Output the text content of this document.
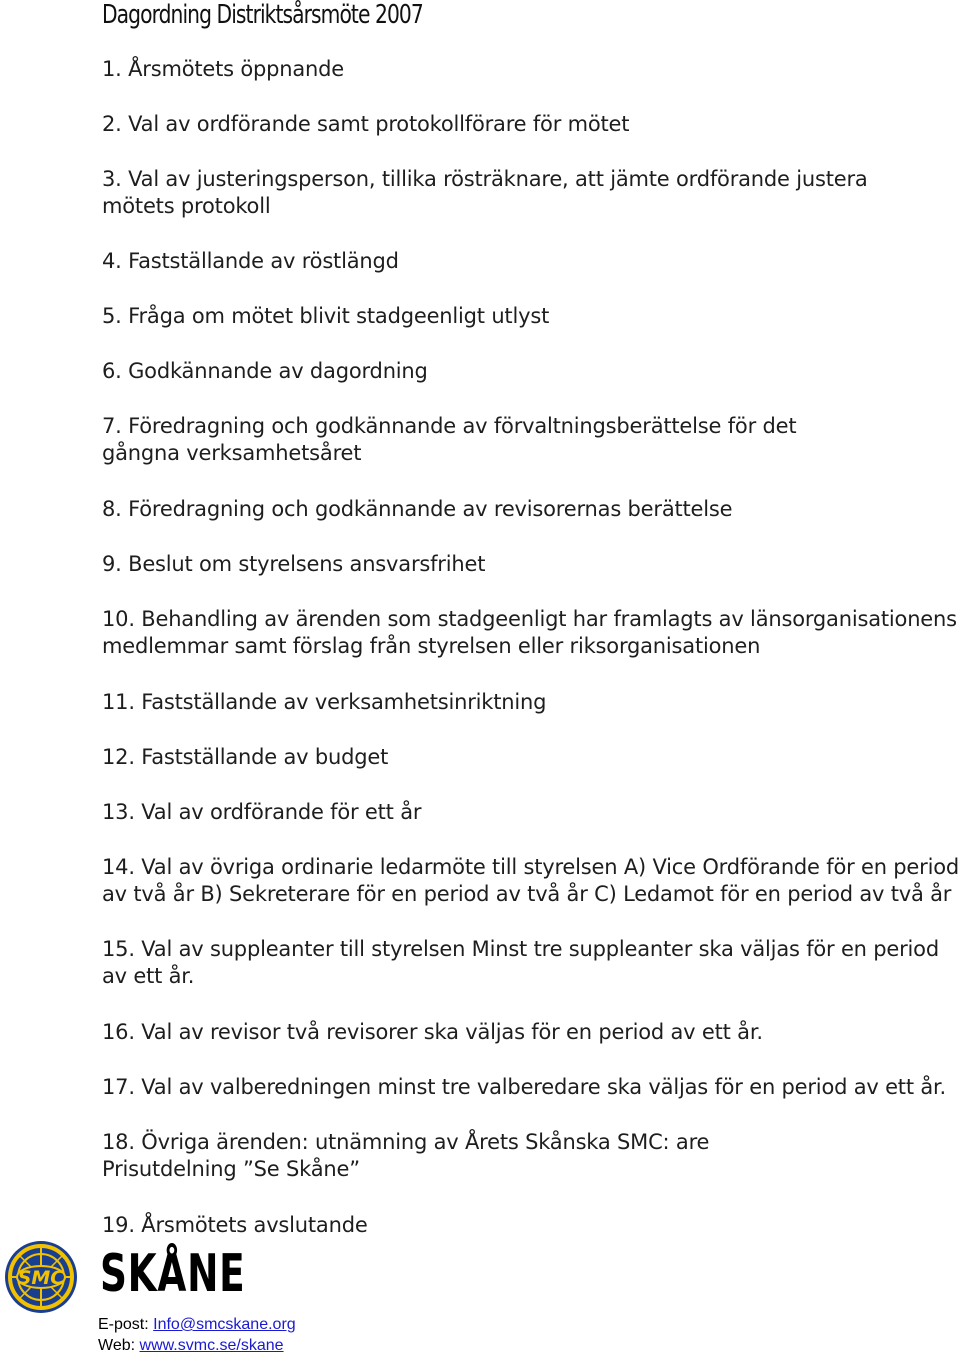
Dagordning Distriktsårsmöte 2007
1. Årsmötets öppnande
2. Val av ordförande samt protokollförare för mötet
3. Val av justeringsperson, tillika rösträknare, att jämte ordförande justera mötets protokoll
4. Fastställande av röstlängd
5. Fråga om mötet blivit stadgeenligt utlyst
6. Godkännande av dagordning
7. Föredragning och godkännande av förvaltningsberättelse för det gångna verksamhetsåret
8. Föredragning och godkännande av revisorernas berättelse
9. Beslut om styrelsens ansvarsfrihet
10. Behandling av ärenden som stadgeenligt har framlagts av länsorganisationens medlemmar samt förslag från styrelsen eller riksorganisationen
11. Fastställande av verksamhetsinriktning
12. Fastställande av budget
13. Val av ordförande för ett år
14. Val av övriga ordinarie ledarmöte till styrelsen A) Vice Ordförande för en period av två år B) Sekreterare för en period av två år C) Ledamot för en period av två år
15. Val av suppleanter till styrelsen Minst tre suppleanter ska väljas för en period av ett år.
16. Val av revisor två revisorer ska väljas för en period av ett år.
17. Val av valberedningen minst tre valberedare ska väljas för en period av ett år.
18. Övriga ärenden: utnämning av Årets Skånska SMC: are Prisutdelning ”Se Skåne”
19. Årsmötets avslutande
SMC SKÅNE
E-post: Info@smcskane.org
Web: www.svmc.se/skane
